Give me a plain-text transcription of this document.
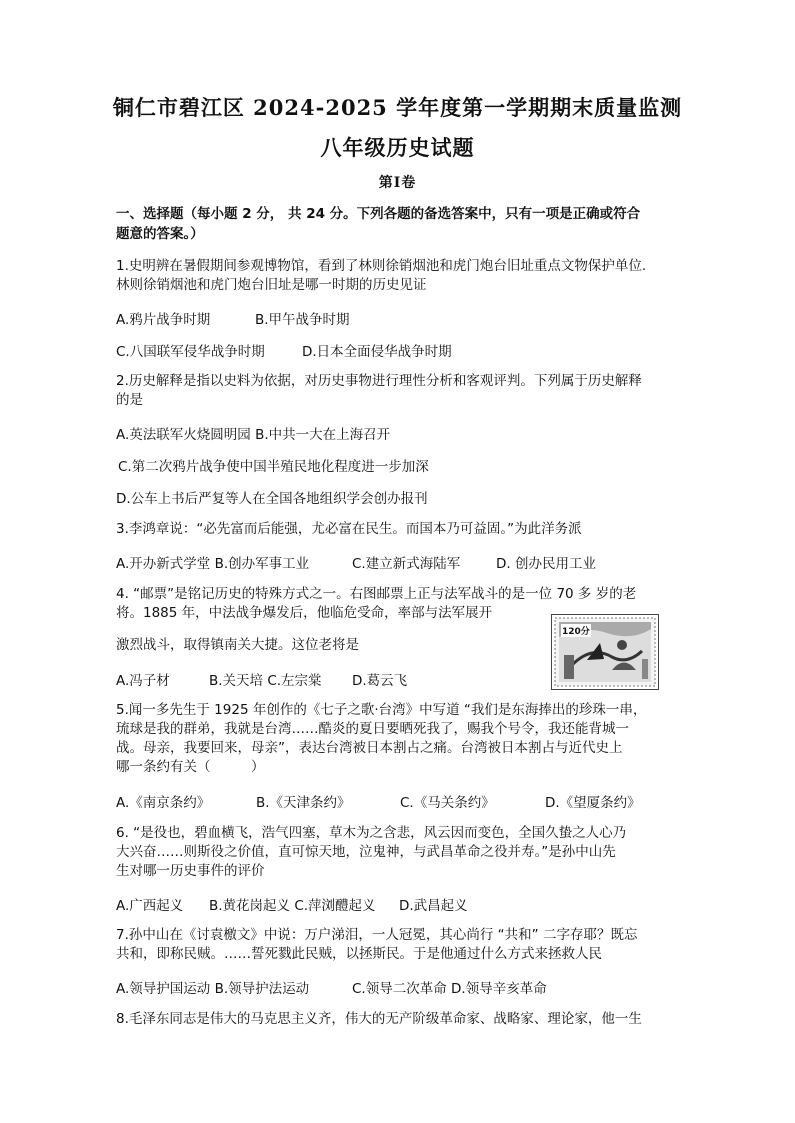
铜仁市碧江区 2024-2025 学年度第一学期期末质量监测
八年级历史试题
第Ⅰ卷
一、选择题（每小题 2 分， 共 24 分。下列各题的备选答案中，只有一项是正确或符合
题意的答案。）
1.史明辨在暑假期间参观博物馆，看到了林则徐销烟池和虎门炮台旧址重点文物保护单位.
林则徐销烟池和虎门炮台旧址是哪一时期的历史见证
A.鸦片战争时期	B.甲午战争时期
C.八国联军侵华战争时期	D.日本全面侵华战争时期
2.历史解释是指以史料为依据，对历史事物进行理性分析和客观评判。下列属于历史解释
的是
A.英法联军火烧圆明园 B.中共一大在上海召开
C.第二次鸦片战争使中国半殖民地化程度进一步加深
D.公车上书后严复等人在全国各地组织学会创办报刊
3.李鸿章说：“必先富而后能强，尤必富在民生。而国本乃可益固。”为此洋务派
A.开办新式学堂 B.创办军事工业	C.建立新式海陆军	D. 创办民用工业
4. “邮票”是铭记历史的特殊方式之一。右图邮票上正与法军战斗的是一位 70 多 岁的老
将。1885 年，中法战争爆发后，他临危受命，率部与法军展开
激烈战斗，取得镇南关大捷。这位老将是
120分
A.冯子材	B.关天培 C.左宗棠 D.葛云飞
5.闻一多先生于 1925 年创作的《七子之歌·台湾》中写道 “我们是东海捧出的珍珠一串，
琉球是我的群弟，我就是台湾……酷炎的夏日要晒死我了，赐我个号令，我还能背城一
战。母亲，我要回来，母亲”，表达台湾被日本割占之痛。台湾被日本割占与近代史上
哪一条约有关（　　　）
A.《南京条约》	B.《天津条约》	C.《马关条约》	D.《望厦条约》
6. “是役也，碧血横飞，浩气四塞，草木为之含悲，风云因而变色，全国久蛰之人心乃
大兴奋……则斯役之价值，直可惊天地，泣鬼神，与武昌革命之役并寿。”是孙中山先
生对哪一历史事件的评价
A.广西起义 B.黄花岗起义 C.萍浏醴起义 D.武昌起义
7.孙中山在《讨袁檄文》中说：万户涕泪，一人冠冕，其心尚行 “共和” 二字存耶？既忘
共和，即称民贼。……誓死戮此民贼，以拯斯民。于是他通过什么方式来拯救人民
A.领导护国运动 B.领导护法运动	C.领导二次革命 D.领导辛亥革命
8.毛泽东同志是伟大的马克思主义齐，伟大的无产阶级革命家、战略家、理论家，他一生
